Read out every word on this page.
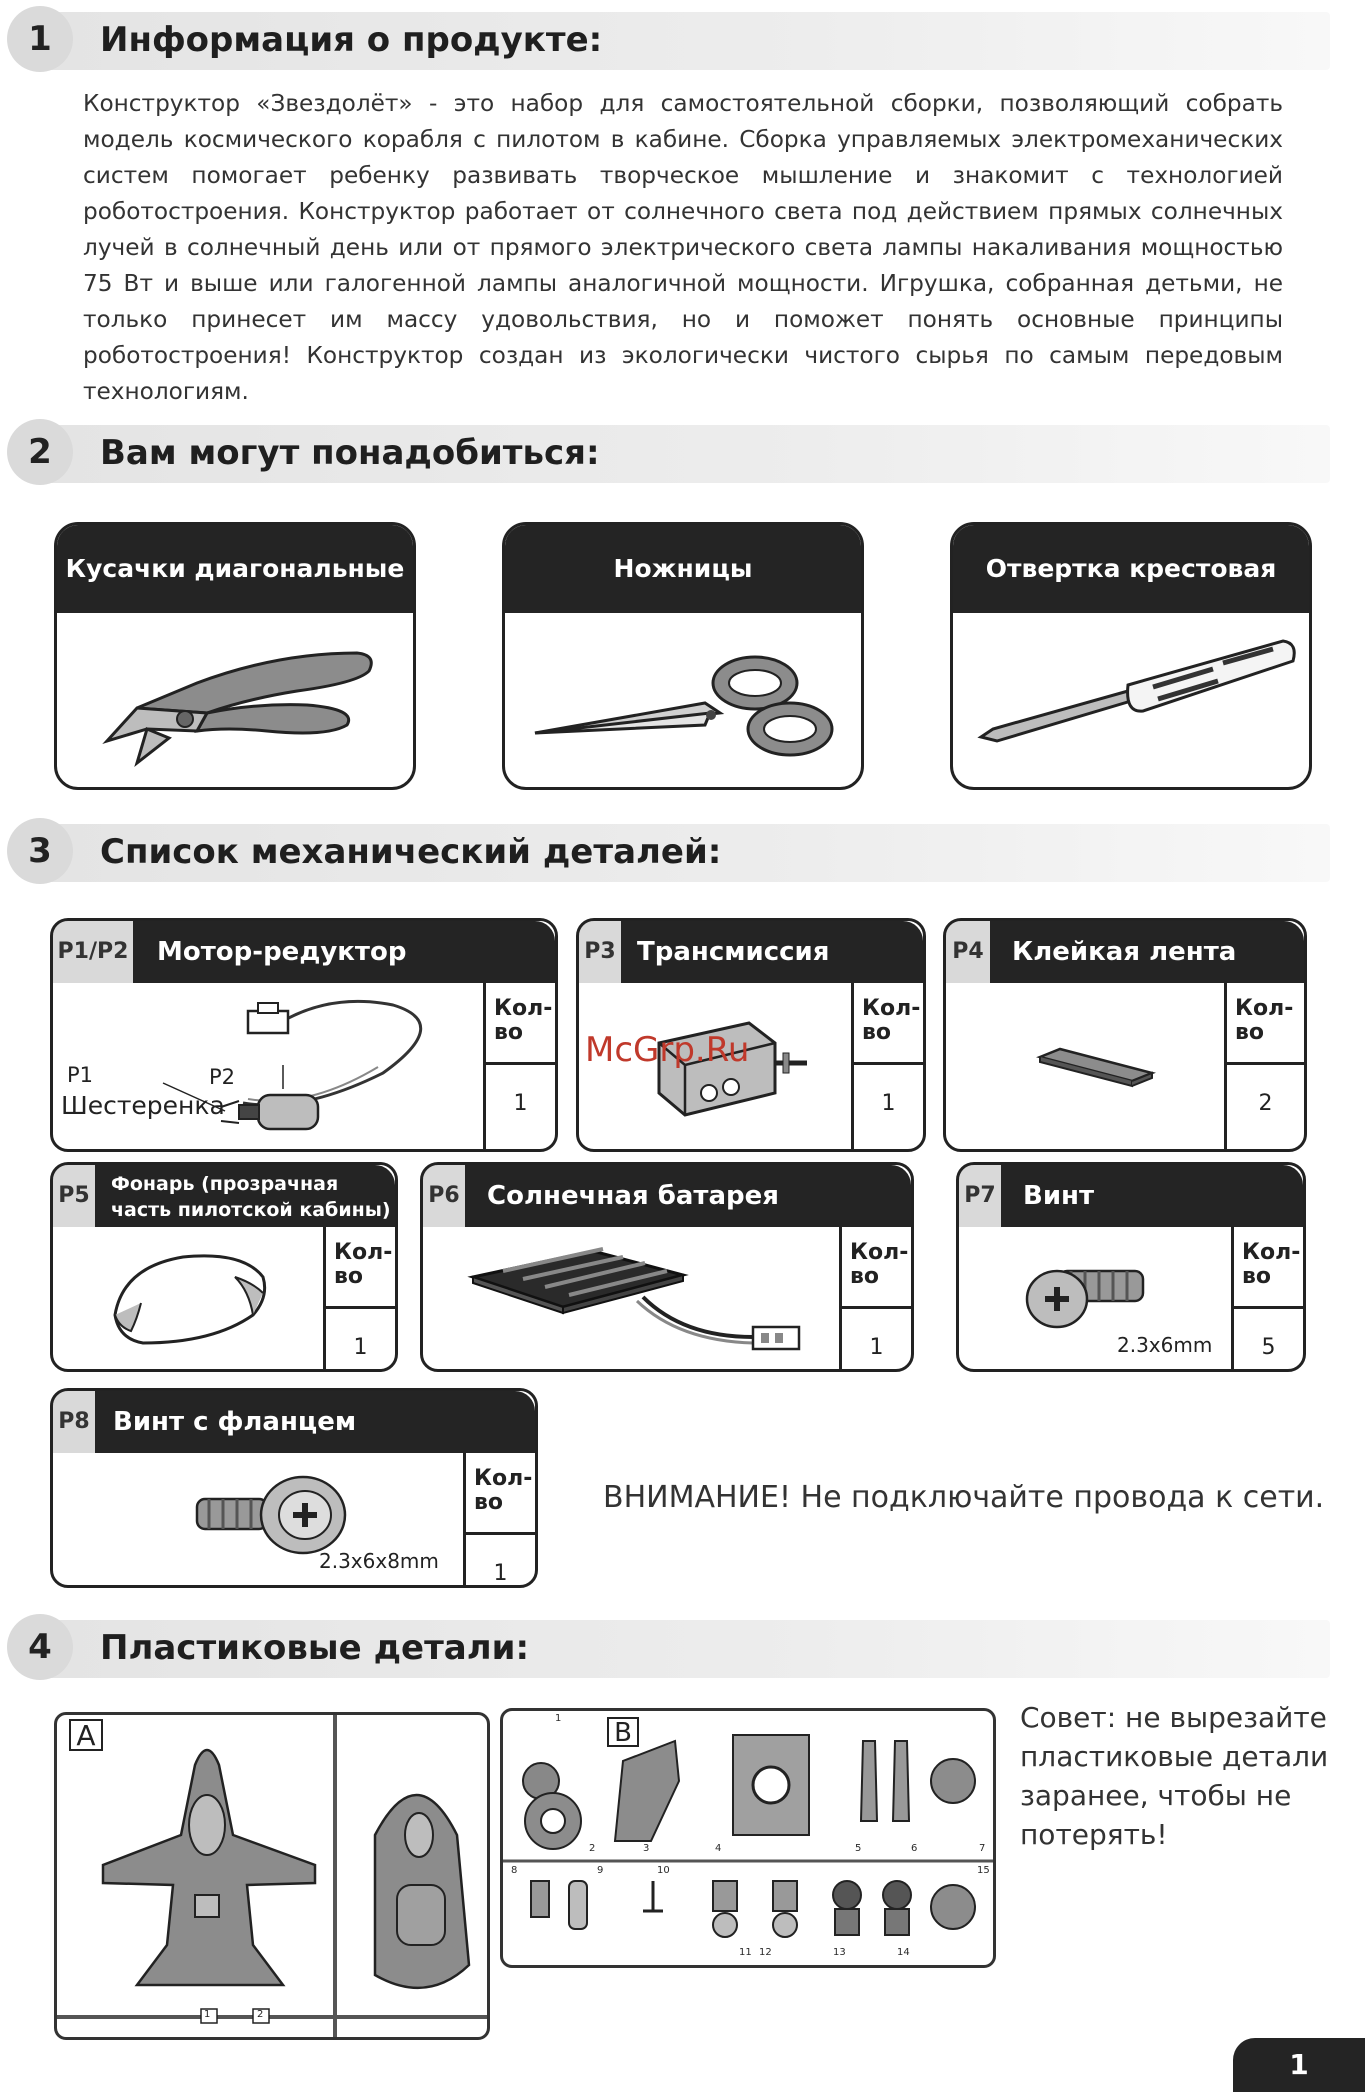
1	Информация о продукте:
Конструктор «Звездолёт» - это набор для самостоятельной сборки, позволяющий собрать модель космического корабля с пилотом в кабине. Сборка управляемых электромеханических систем помогает ребенку развивать творческое мышление и знакомит с технологией роботостроения. Конструктор работает от солнечного света под действием прямых солнечных лучей в солнечный день или от прямого электрического света лампы накаливания мощностью 75 Вт и выше или галогенной лампы аналогичной мощности. Игрушка, собранная детьми, не только принесет им массу удовольствия, но и поможет понять основные принципы роботостроения! Конструктор создан из экологически чистого сырья по самым передовым технологиям.
2	Вам могут понадобиться:
Кусачки диагональные	Ножницы	Отвертка крестовая
3	Список механический деталей:
P1/P2 Мотор-редуктор
P1	P2
Шестеренка
Кол-во
1
P3 Трансмиссия
Кол-во
1
P4 Клейкая лента
Кол-во
2
P5 Фонарь (прозрачная
часть пилотской кабины)
Кол-во
1
P6 Солнечная батарея
Кол-во
1
P7 Винт
2.3x6mm
Кол-во
5
P8 Винт с фланцем
2.3x6x8mm
Кол-во
1
ВНИМАНИЕ! Не подключайте провода к сети.
McGrp.Ru
4	Пластиковые детали:
A
1	2
B
1
2	3	4	5	6	7
8	9	10
11 12	13	14
15
Совет: не вырезайте пластиковые детали заранее, чтобы не потерять!
1
